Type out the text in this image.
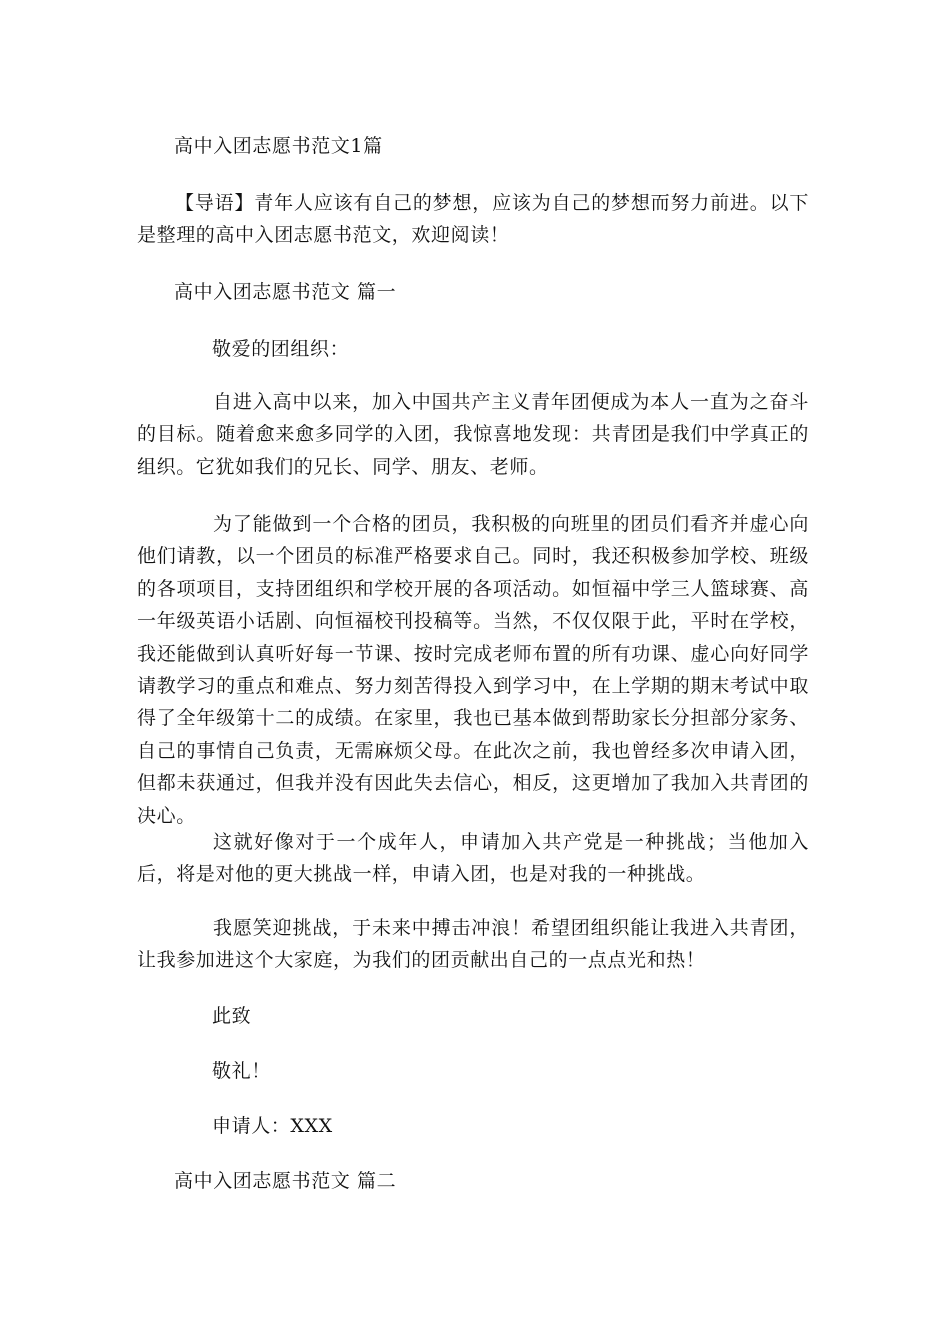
高中入团志愿书范文1篇
【导语】青年人应该有自己的梦想，应该为自己的梦想而努力前进。以下是整理的高中入团志愿书范文，欢迎阅读！
高中入团志愿书范文 篇一
敬爱的团组织：
自进入高中以来，加入中国共产主义青年团便成为本人一直为之奋斗的目标。随着愈来愈多同学的入团，我惊喜地发现：共青团是我们中学真正的组织。它犹如我们的兄长、同学、朋友、老师。
为了能做到一个合格的团员，我积极的向班里的团员们看齐并虚心向他们请教，以一个团员的标准严格要求自己。同时，我还积极参加学校、班级的各项项目，支持团组织和学校开展的各项活动。如恒福中学三人篮球赛、高一年级英语小话剧、向恒福校刊投稿等。当然，不仅仅限于此，平时在学校，我还能做到认真听好每一节课、按时完成老师布置的所有功课、虚心向好同学请教学习的重点和难点、努力刻苦得投入到学习中，在上学期的期末考试中取得了全年级第十二的成绩。在家里，我也已基本做到帮助家长分担部分家务、自己的事情自己负责，无需麻烦父母。在此次之前，我也曾经多次申请入团，但都未获通过，但我并没有因此失去信心，相反，这更增加了我加入共青团的决心。
这就好像对于一个成年人，申请加入共产党是一种挑战；当他加入后，将是对他的更大挑战一样，申请入团，也是对我的一种挑战。
我愿笑迎挑战，于未来中搏击冲浪！希望团组织能让我进入共青团，让我参加进这个大家庭，为我们的团贡献出自己的一点点光和热！
此致
敬礼！
申请人：XXX
高中入团志愿书范文 篇二
